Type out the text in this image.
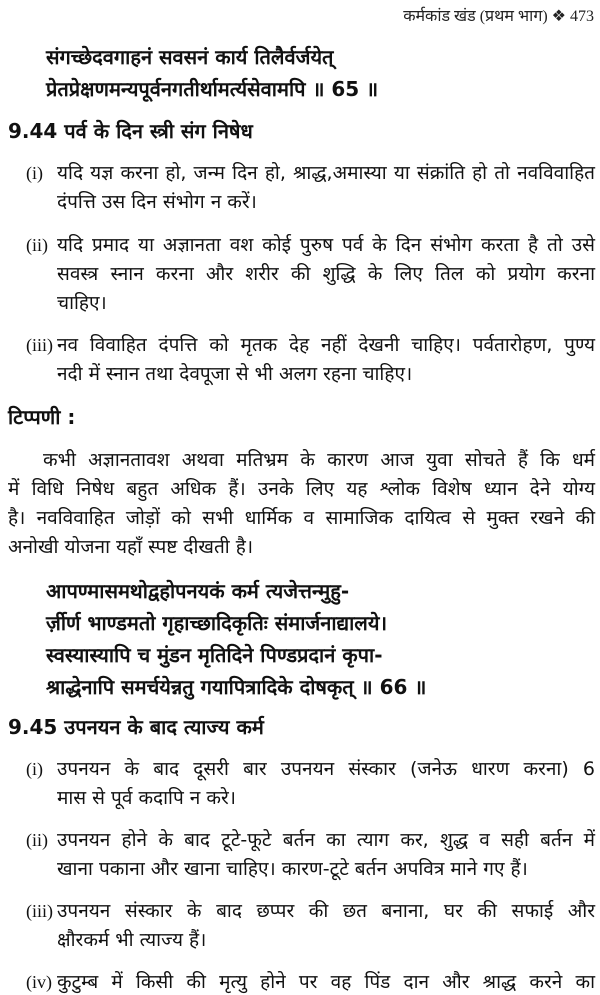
कर्मकांड खंड (प्रथम भाग) ❖ 473
संगच्छेदवगाहनं सवसनं कार्य तिलैर्वर्जयेत्
प्रेतप्रेक्षणमन्यपूर्वनगतीर्थामर्त्यसेवामपि ॥ 65 ॥
9.44 पर्व के दिन स्त्री संग निषेध
(i) यदि यज्ञ करना हो, जन्म दिन हो, श्राद्ध,अमास्या या संक्रांति हो तो नवविवाहित
दंपत्ति उस दिन संभोग न करें।
(ii) यदि प्रमाद या अज्ञानता वश कोई पुरुष पर्व के दिन संभोग करता है तो उसे
सवस्त्र स्नान करना और शरीर की शुद्धि के लिए तिल को प्रयोग करना
चाहिए।
(iii) नव विवाहित दंपत्ति को मृतक देह नहीं देखनी चाहिए। पर्वतारोहण, पुण्य
नदी में स्नान तथा देवपूजा से भी अलग रहना चाहिए।
टिप्पणी :
कभी अज्ञानतावश अथवा मतिभ्रम के कारण आज युवा सोचते हैं कि धर्म
में विधि निषेध बहुत अधिक हैं। उनके लिए यह श्लोक विशेष ध्यान देने योग्य
है। नवविवाहित जोड़ों को सभी धार्मिक व सामाजिक दायित्व से मुक्त रखने की
अनोखी योजना यहाँ स्पष्ट दीखती है।
आपण्मासमथोद्वहोपनयकं कर्म त्यजेत्तन्मुहु-
र्ज़ीर्ण भाण्डमतो गृहाच्छादिकृतिः संमार्जनाद्यालये।
स्वस्यास्यापि च मुंडन मृतिदिने पिण्डप्रदानं कृपा-
श्राद्धेनापि समर्चयेन्नतु गयापित्रादिके दोषकृत् ॥ 66 ॥
9.45 उपनयन के बाद त्याज्य कर्म
(i) उपनयन के बाद दूसरी बार उपनयन संस्कार (जनेऊ धारण करना) 6
मास से पूर्व कदापि न करे।
(ii) उपनयन होने के बाद टूटे-फूटे बर्तन का त्याग कर, शुद्ध व सही बर्तन में
खाना पकाना और खाना चाहिए। कारण-टूटे बर्तन अपवित्र माने गए हैं।
(iii) उपनयन संस्कार के बाद छप्पर की छत बनाना, घर की सफाई और
क्षौरकर्म भी त्याज्य हैं।
(iv) कुटुम्ब में किसी की मृत्यु होने पर वह पिंड दान और श्राद्ध करने का
